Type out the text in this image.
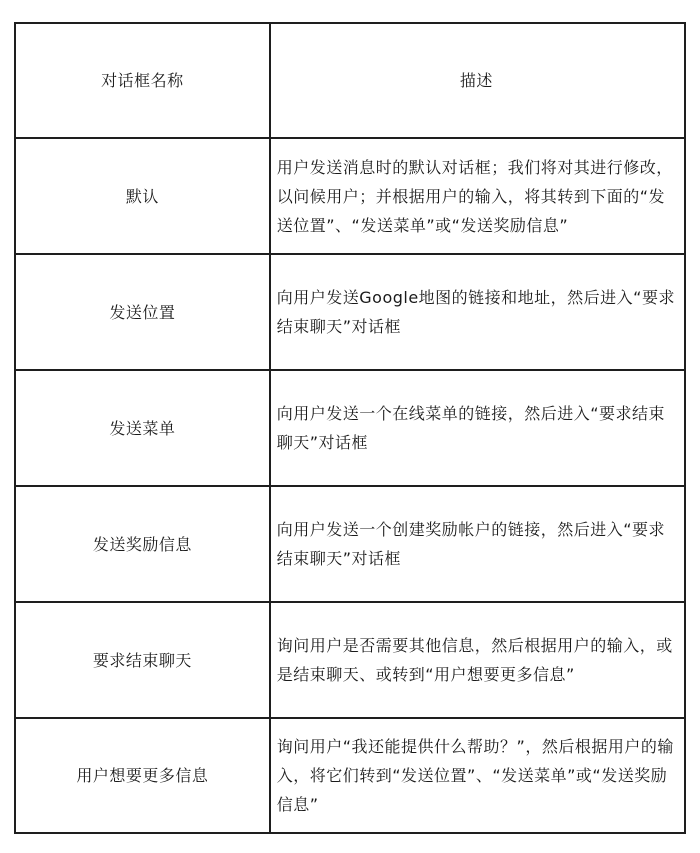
对话框名称	描述
默认	用户发送消息时的默认对话框；我们将对其进行修改，以问候用户；并根据用户的输入，将其转到下面的“发送位置”、“发送菜单”或“发送奖励信息”
发送位置	向用户发送Google地图的链接和地址，然后进入“要求结束聊天”对话框
发送菜单	向用户发送一个在线菜单的链接，然后进入“要求结束聊天”对话框
发送奖励信息	向用户发送一个创建奖励帐户的链接，然后进入“要求结束聊天”对话框
要求结束聊天	询问用户是否需要其他信息，然后根据用户的输入，或是结束聊天、或转到“用户想要更多信息”
用户想要更多信息	询问用户“我还能提供什么帮助？”，然后根据用户的输入，将它们转到“发送位置”、“发送菜单”或“发送奖励信息”
